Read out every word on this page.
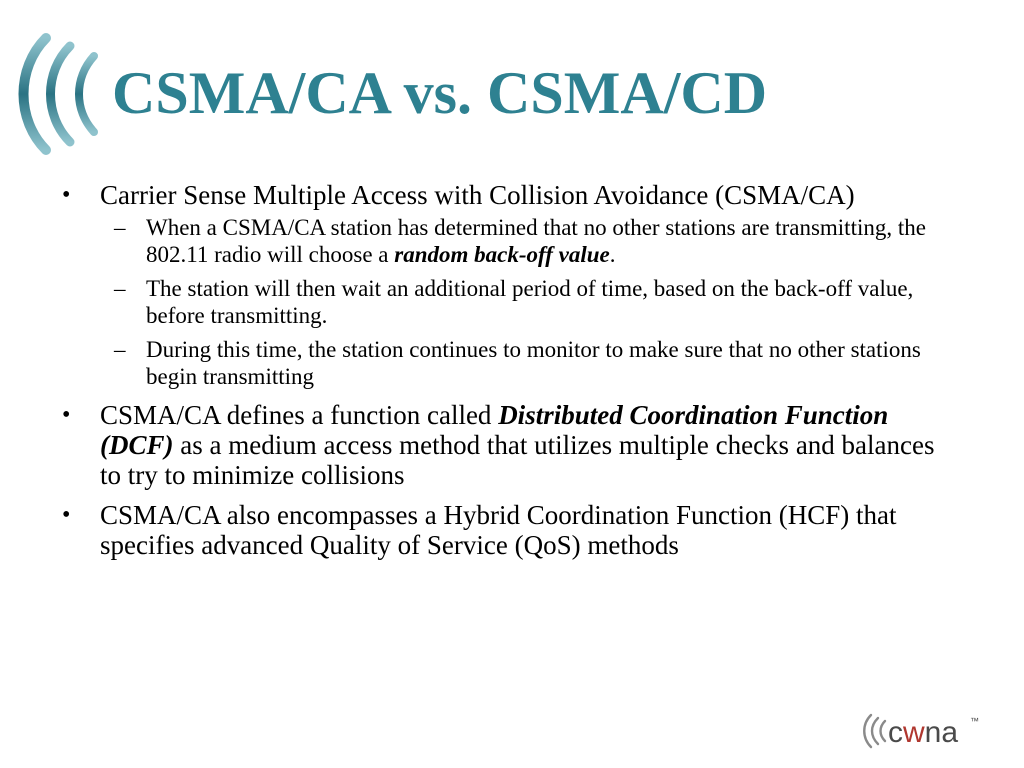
CSMA/CA vs. CSMA/CD
• Carrier Sense Multiple Access with Collision Avoidance (CSMA/CA)
– When a CSMA/CA station has determined that no other stations are transmitting, the 802.11 radio will choose a random back-off value.
– The station will then wait an additional period of time, based on the back-off value, before transmitting.
– During this time, the station continues to monitor to make sure that no other stations begin transmitting
• CSMA/CA defines a function called Distributed Coordination Function (DCF) as a medium access method that utilizes multiple checks and balances to try to minimize collisions
• CSMA/CA also encompasses a Hybrid Coordination Function (HCF) that specifies advanced Quality of Service (QoS) methods
cwna ™
